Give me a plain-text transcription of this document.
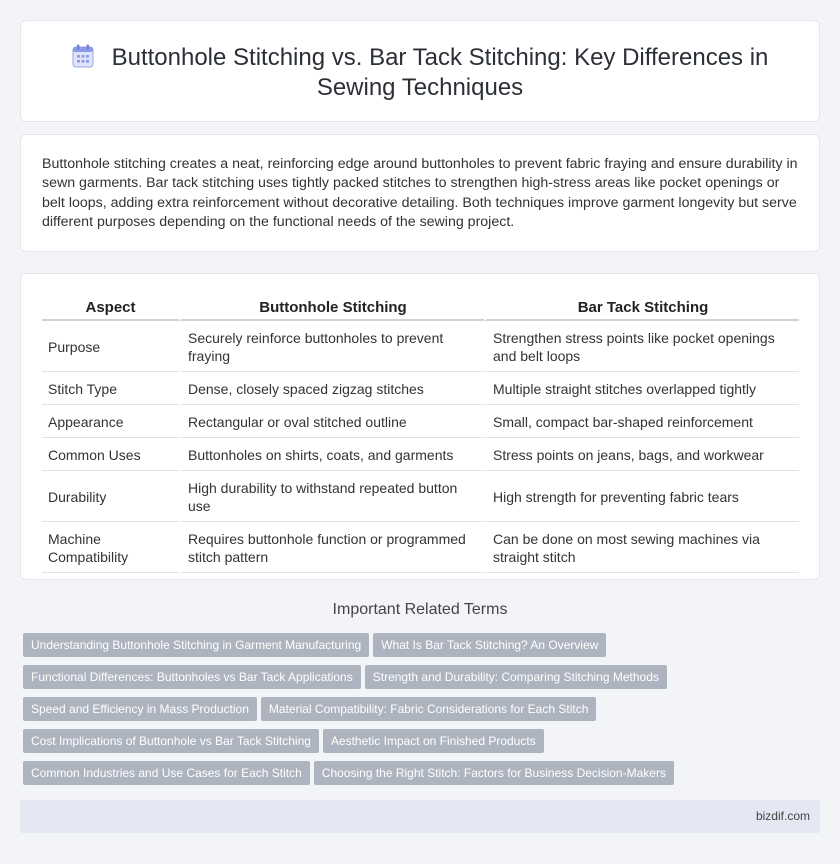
Buttonhole Stitching vs. Bar Tack Stitching: Key Differences in Sewing Techniques

Buttonhole stitching creates a neat, reinforcing edge around buttonholes to prevent fabric fraying and ensure durability in sewn garments. Bar tack stitching uses tightly packed stitches to strengthen high-stress areas like pocket openings or belt loops, adding extra reinforcement without decorative detailing. Both techniques improve garment longevity but serve different purposes depending on the functional needs of the sewing project.

Aspect	Buttonhole Stitching	Bar Tack Stitching
Purpose	Securely reinforce buttonholes to prevent fraying	Strengthen stress points like pocket openings and belt loops
Stitch Type	Dense, closely spaced zigzag stitches	Multiple straight stitches overlapped tightly
Appearance	Rectangular or oval stitched outline	Small, compact bar-shaped reinforcement
Common Uses	Buttonholes on shirts, coats, and garments	Stress points on jeans, bags, and workwear
Durability	High durability to withstand repeated button use	High strength for preventing fabric tears
Machine Compatibility	Requires buttonhole function or programmed stitch pattern	Can be done on most sewing machines via straight stitch
Important Related Terms
Understanding Buttonhole Stitching in Garment Manufacturing What Is Bar Tack Stitching? An Overview
Functional Differences: Buttonholes vs Bar Tack Applications Strength and Durability: Comparing Stitching Methods
Speed and Efficiency in Mass Production Material Compatibility: Fabric Considerations for Each Stitch
Cost Implications of Buttonhole vs Bar Tack Stitching Aesthetic Impact on Finished Products
Common Industries and Use Cases for Each Stitch Choosing the Right Stitch: Factors for Business Decision-Makers
bizdif.com
